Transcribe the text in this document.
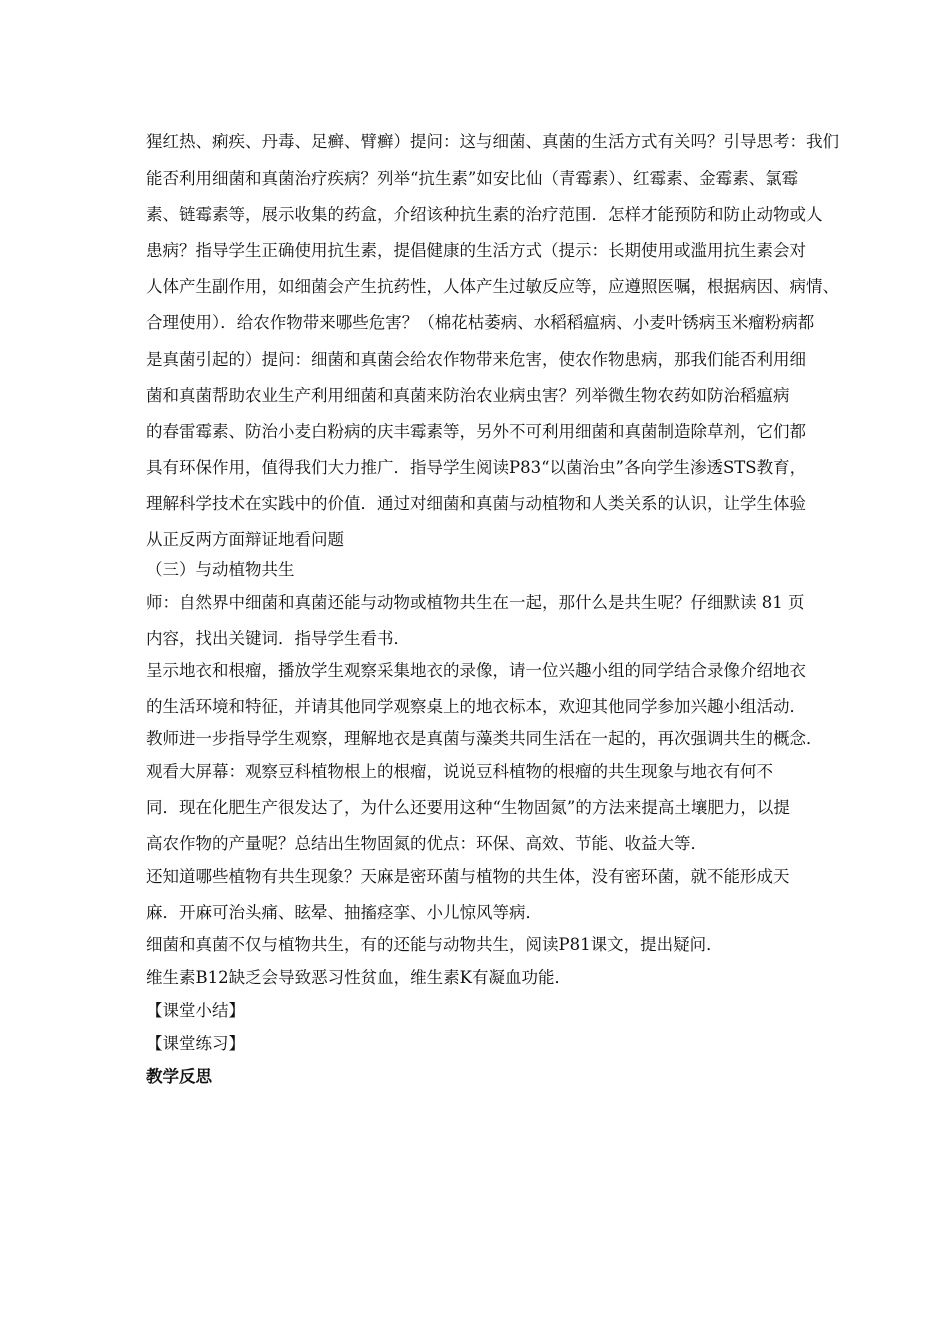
猩红热、痢疾、丹毒、足癣、臂癣）提问：这与细菌、真菌的生活方式有关吗？引导思考：我们
能否利用细菌和真菌治疗疾病？列举“抗生素”如安比仙（青霉素）、红霉素、金霉素、氯霉
素、链霉素等，展示收集的药盒，介绍该种抗生素的治疗范围．怎样才能预防和防止动物或人
患病？指导学生正确使用抗生素，提倡健康的生活方式（提示：长期使用或滥用抗生素会对
人体产生副作用，如细菌会产生抗药性，人体产生过敏反应等，应遵照医嘱，根据病因、病情、
合理使用）．给农作物带来哪些危害？（棉花枯萎病、水稻稻瘟病、小麦叶锈病玉米瘤粉病都
是真菌引起的）提问：细菌和真菌会给农作物带来危害，使农作物患病，那我们能否利用细
菌和真菌帮助农业生产利用细菌和真菌来防治农业病虫害？列举微生物农药如防治稻瘟病
的春雷霉素、防治小麦白粉病的庆丰霉素等，另外不可利用细菌和真菌制造除草剂，它们都
具有环保作用，值得我们大力推广．指导学生阅读P83“以菌治虫”各向学生渗透STS教育，
理解科学技术在实践中的价值．通过对细菌和真菌与动植物和人类关系的认识，让学生体验
从正反两方面辩证地看问题
（三）与动植物共生
师：自然界中细菌和真菌还能与动物或植物共生在一起，那什么是共生呢？仔细默读 81 页
内容，找出关键词．指导学生看书．
呈示地衣和根瘤，播放学生观察采集地衣的录像，请一位兴趣小组的同学结合录像介绍地衣
的生活环境和特征，并请其他同学观察桌上的地衣标本，欢迎其他同学参加兴趣小组活动．
教师进一步指导学生观察，理解地衣是真菌与藻类共同生活在一起的，再次强调共生的概念．
观看大屏幕：观察豆科植物根上的根瘤，说说豆科植物的根瘤的共生现象与地衣有何不
同．现在化肥生产很发达了，为什么还要用这种“生物固氮”的方法来提高土壤肥力，以提
高农作物的产量呢？总结出生物固氮的优点：环保、高效、节能、收益大等．
还知道哪些植物有共生现象？天麻是密环菌与植物的共生体，没有密环菌，就不能形成天
麻．开麻可治头痛、眩晕、抽搐痉挛、小儿惊风等病．
细菌和真菌不仅与植物共生，有的还能与动物共生，阅读P81课文，提出疑问．
维生素B12缺乏会导致恶习性贫血，维生素K有凝血功能．
【课堂小结】
【课堂练习】
教学反思
